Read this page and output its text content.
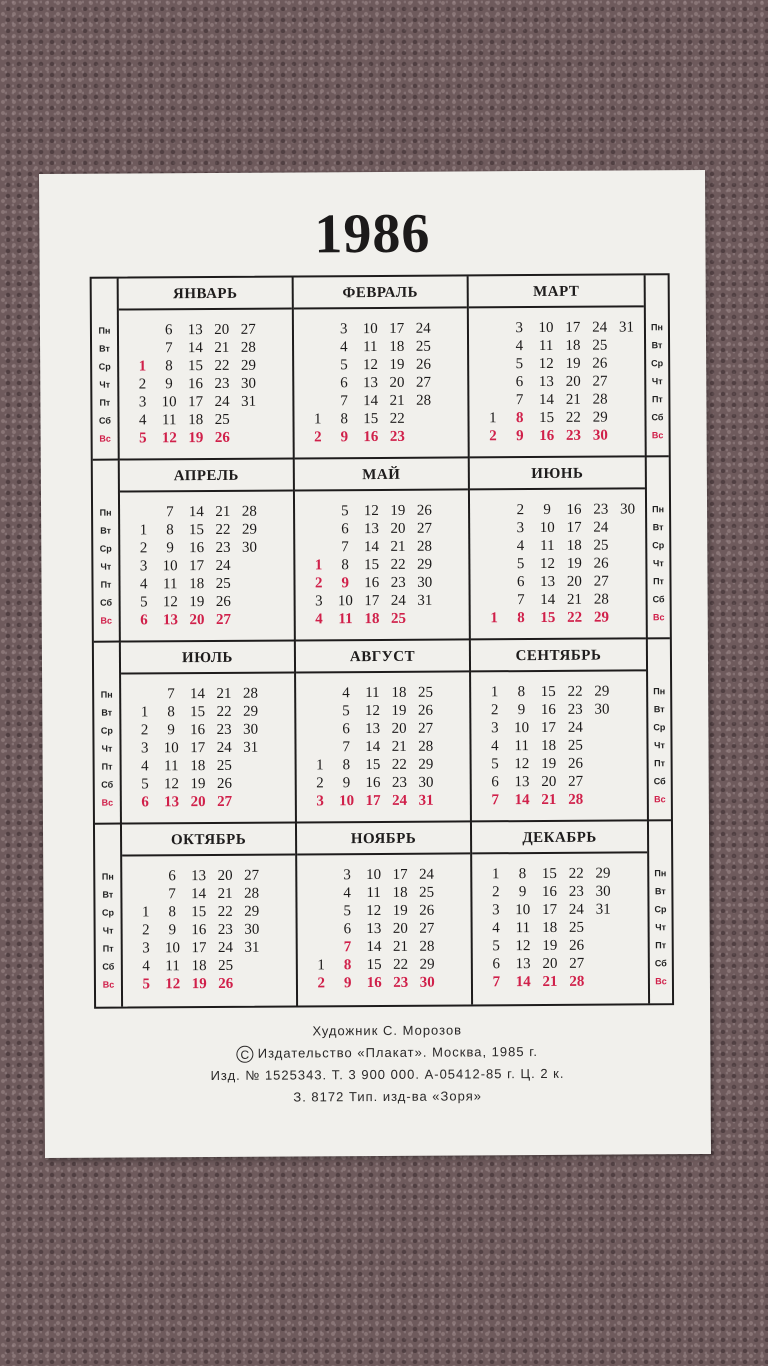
1986
Пн
Вт
Ср
Чт
Пт
Сб
Вс
ЯНВАРЬ
1
2
3
4
5
6
7
8
9
10
11
12
13
14
15
16
17
18
19
20
21
22
23
24
25
26
27
28
29
30
31
ФЕВРАЛЬ
1
2
3
4
5
6
7
8
9
10
11
12
13
14
15
16
17
18
19
20
21
22
23
24
25
26
27
28
МАРТ
1
2
3
4
5
6
7
8
9
10
11
12
13
14
15
16
17
18
19
20
21
22
23
24
25
26
27
28
29
30
31	Пн
Вт
Ср
Чт
Пт
Сб
Вс
Пн
Вт
Ср
Чт
Пт
Сб
Вс
АПРЕЛЬ
1
2
3
4
5
6
7
8
9
10
11
12
13
14
15
16
17
18
19
20
21
22
23
24
25
26
27
28
29
30
МАЙ
1
2
3
4
5
6
7
8
9
10
11
12
13
14
15
16
17
18
19
20
21
22
23
24
25
26
27
28
29
30
31
ИЮНЬ
1
2
3
4
5
6
7
8
9
10
11
12
13
14
15
16
17
18
19
20
21
22
23
24
25
26
27
28
29
30	Пн
Вт
Ср
Чт
Пт
Сб
Вс
Пн
Вт
Ср
Чт
Пт
Сб
Вс
ИЮЛЬ
1
2
3
4
5
6
7
8
9
10
11
12
13
14
15
16
17
18
19
20
21
22
23
24
25
26
27
28
29
30
31
АВГУСТ
1
2
3
4
5
6
7
8
9
10
11
12
13
14
15
16
17
18
19
20
21
22
23
24
25
26
27
28
29
30
31
СЕНТЯБРЬ
1
2
3
4
5
6
7
8
9
10
11
12
13
14
15
16
17
18
19
20
21
22
23
24
25
26
27
28
29
30
Пн
Вт
Ср
Чт
Пт
Сб
Вс
Пн
Вт
Ср
Чт
Пт
Сб
Вс
ОКТЯБРЬ
1
2
3
4
5
6
7
8
9
10
11
12
13
14
15
16
17
18
19
20
21
22
23
24
25
26
27
28
29
30
31
НОЯБРЬ
1
2
3
4
5
6
7
8
9
10
11
12
13
14
15
16
17
18
19
20
21
22
23
24
25
26
27
28
29
30
ДЕКАБРЬ
1
2
3
4
5
6
7
8
9
10
11
12
13
14
15
16
17
18
19
20
21
22
23
24
25
26
27
28
29
30
31
Пн
Вт
Ср
Чт
Пт
Сб
Вс
Художник С. Морозов
С Издательство «Плакат». Москва, 1985 г.
Изд. № 1525343. Т. 3 900 000. А-05412-85 г. Ц. 2 к.
З. 8172 Тип. изд-ва «Зоря»
